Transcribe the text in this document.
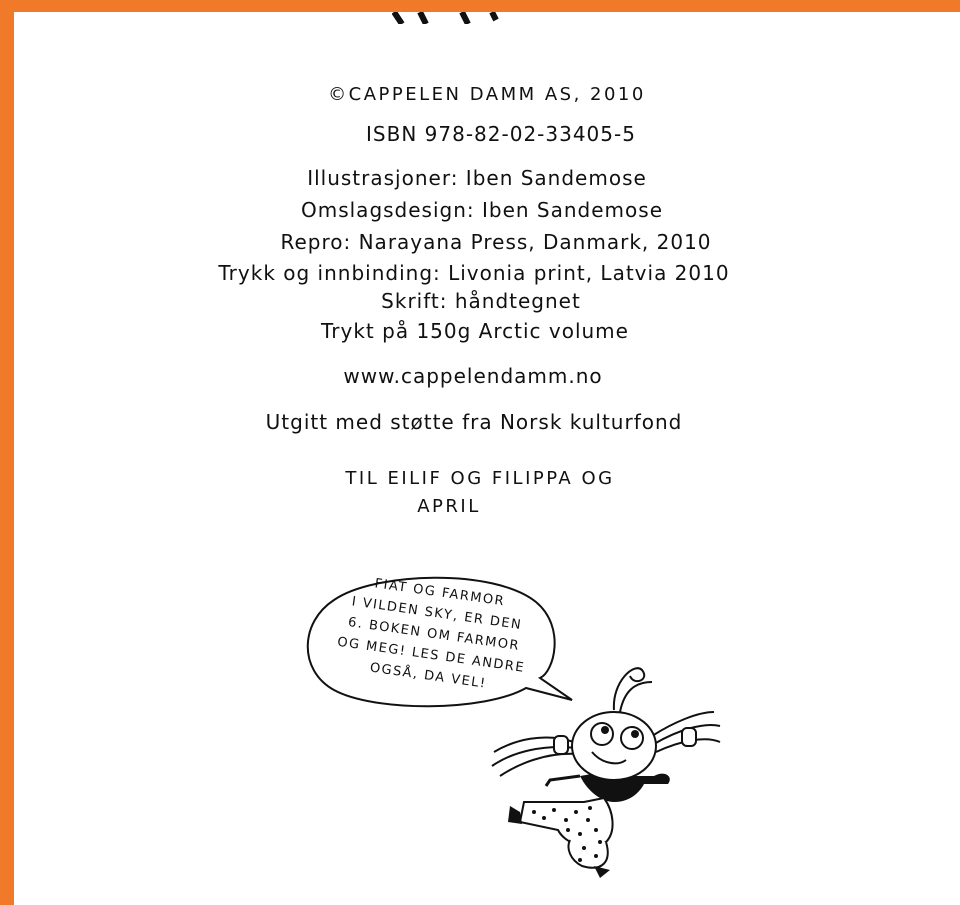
©CAPPELEN DAMM AS, 2010
ISBN 978-82-02-33405-5
Illustrasjoner: Iben Sandemose
Omslagsdesign: Iben Sandemose
Repro: Narayana Press, Danmark, 2010
Trykk og innbinding: Livonia print, Latvia 2010
Skrift: håndtegnet
Trykt på 150g Arctic volume
www.cappelendamm.no
Utgitt med støtte fra Norsk kulturfond
TIL EILIF OG FILIPPA OG
APRIL
FIAT OG FARMOR
I VILDEN SKY, ER DEN
6. BOKEN OM FARMOR
OG MEG! LES DE ANDRE
OGSÅ, DA VEL!
